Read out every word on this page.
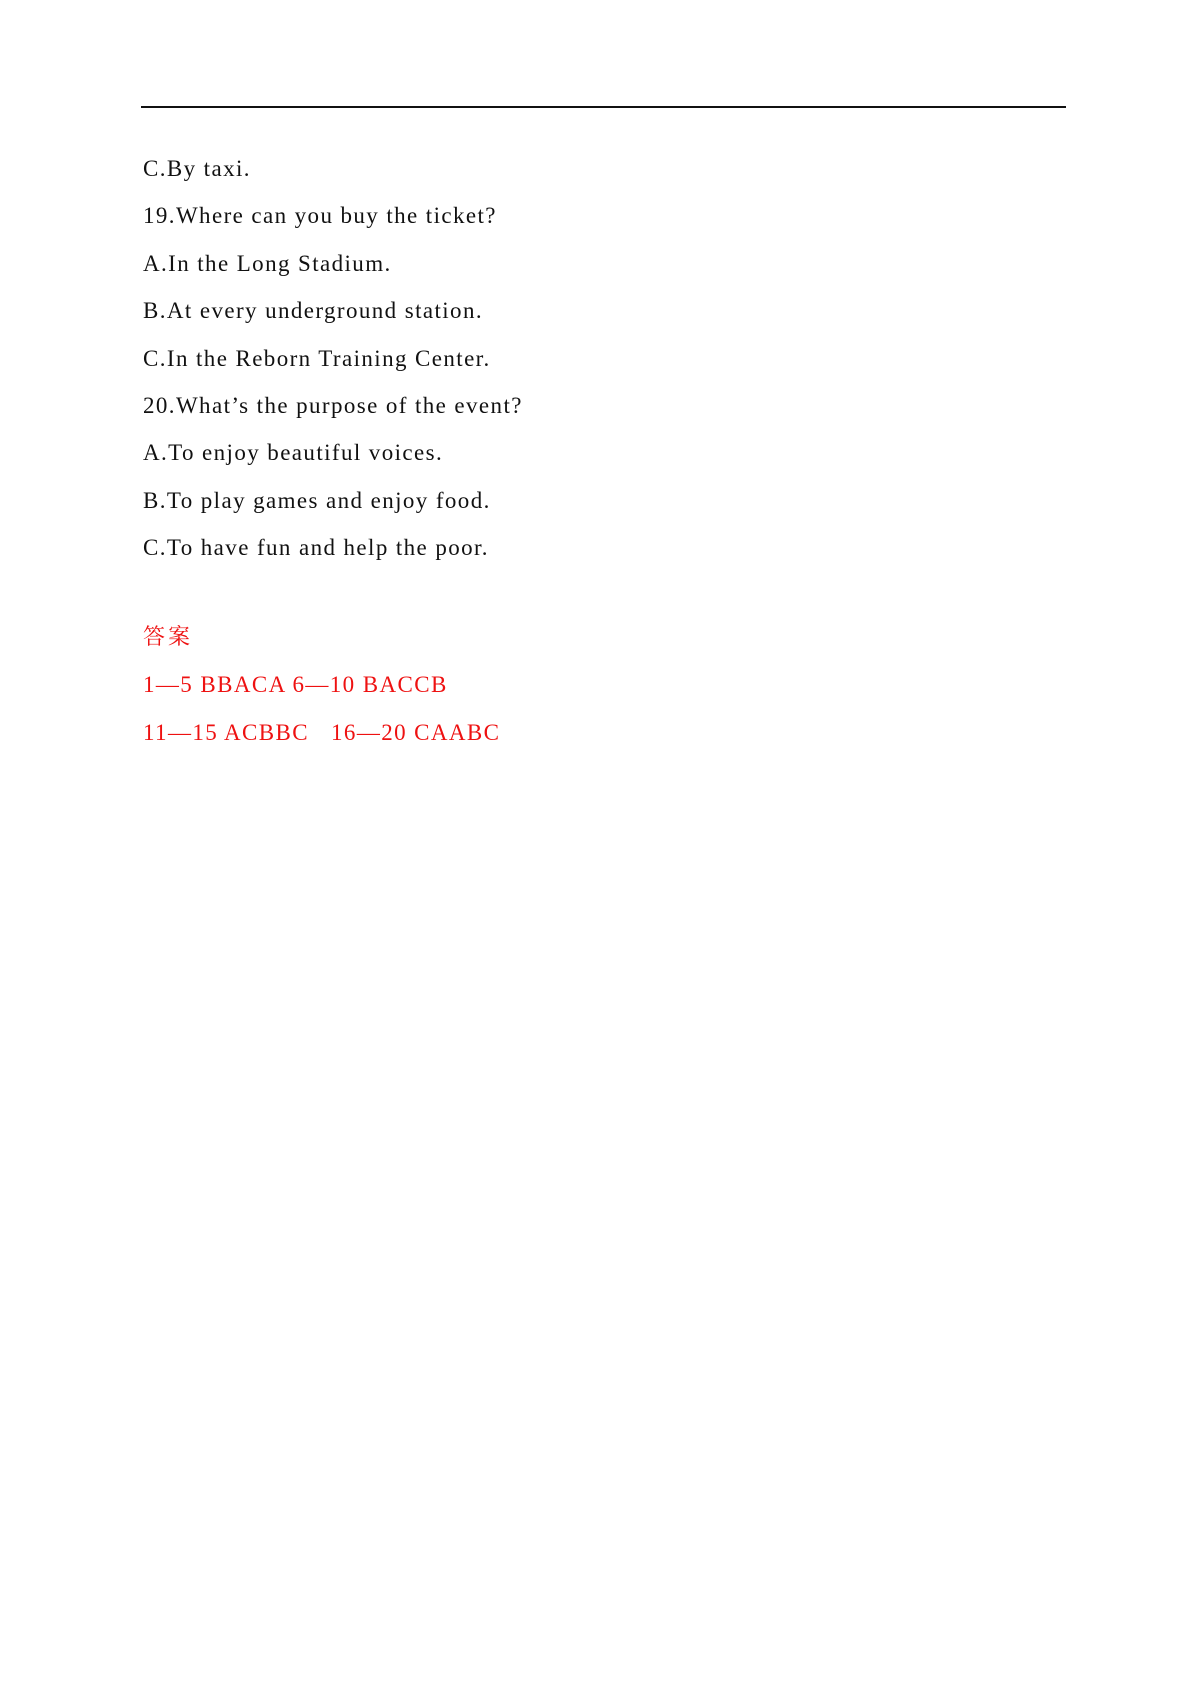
C.By taxi.
19.Where can you buy the ticket?
A.In the Long Stadium.
B.At every underground station.
C.In the Reborn Training Center.
20.What’s the purpose of the event?
A.To enjoy beautiful voices.
B.To play games and enjoy food.
C.To have fun and help the poor.
答案
1—5 BBACA 6—10 BACCB
11—15 ACBBC 16—20 CAABC
